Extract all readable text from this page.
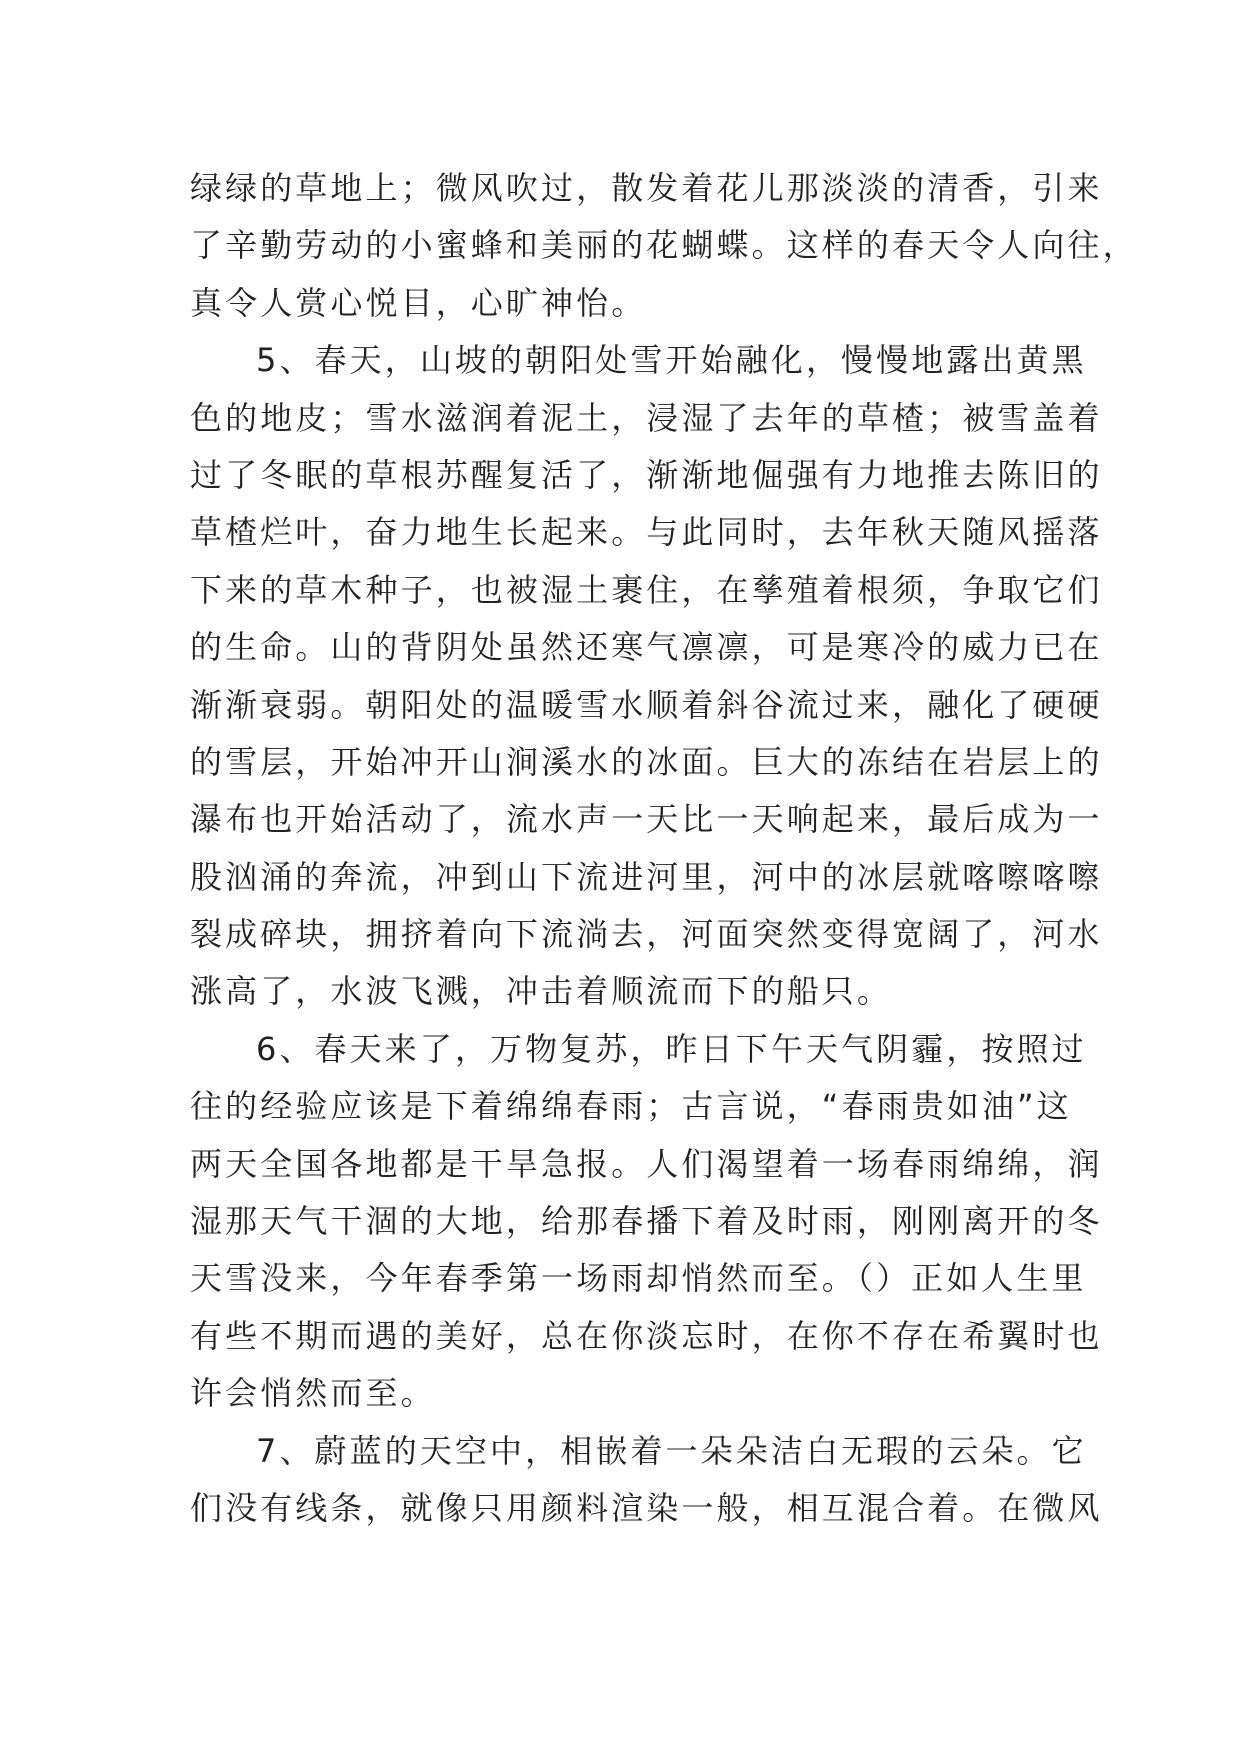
绿绿的草地上；微风吹过，散发着花儿那淡淡的清香，引来
了辛勤劳动的小蜜蜂和美丽的花蝴蝶。这样的春天令人向往，
真令人赏心悦目，心旷神怡。
5、春天，山坡的朝阳处雪开始融化，慢慢地露出黄黑
色的地皮；雪水滋润着泥土，浸湿了去年的草楂；被雪盖着
过了冬眠的草根苏醒复活了，渐渐地倔强有力地推去陈旧的
草楂烂叶，奋力地生长起来。与此同时，去年秋天随风摇落
下来的草木种子，也被湿土裹住，在孳殖着根须，争取它们
的生命。山的背阴处虽然还寒气凛凛，可是寒冷的威力已在
渐渐衰弱。朝阳处的温暖雪水顺着斜谷流过来，融化了硬硬
的雪层，开始冲开山涧溪水的冰面。巨大的冻结在岩层上的
瀑布也开始活动了，流水声一天比一天响起来，最后成为一
股汹涌的奔流，冲到山下流进河里，河中的冰层就喀嚓喀嚓
裂成碎块，拥挤着向下流淌去，河面突然变得宽阔了，河水
涨高了，水波飞溅，冲击着顺流而下的船只。
6、春天来了，万物复苏，昨日下午天气阴霾，按照过
往的经验应该是下着绵绵春雨；古言说，“春雨贵如油”这
两天全国各地都是干旱急报。人们渴望着一场春雨绵绵，润
湿那天气干涸的大地，给那春播下着及时雨，刚刚离开的冬
天雪没来，今年春季第一场雨却悄然而至。（）正如人生里
有些不期而遇的美好，总在你淡忘时，在你不存在希翼时也
许会悄然而至。
7、蔚蓝的天空中，相嵌着一朵朵洁白无瑕的云朵。它
们没有线条，就像只用颜料渲染一般，相互混合着。在微风
